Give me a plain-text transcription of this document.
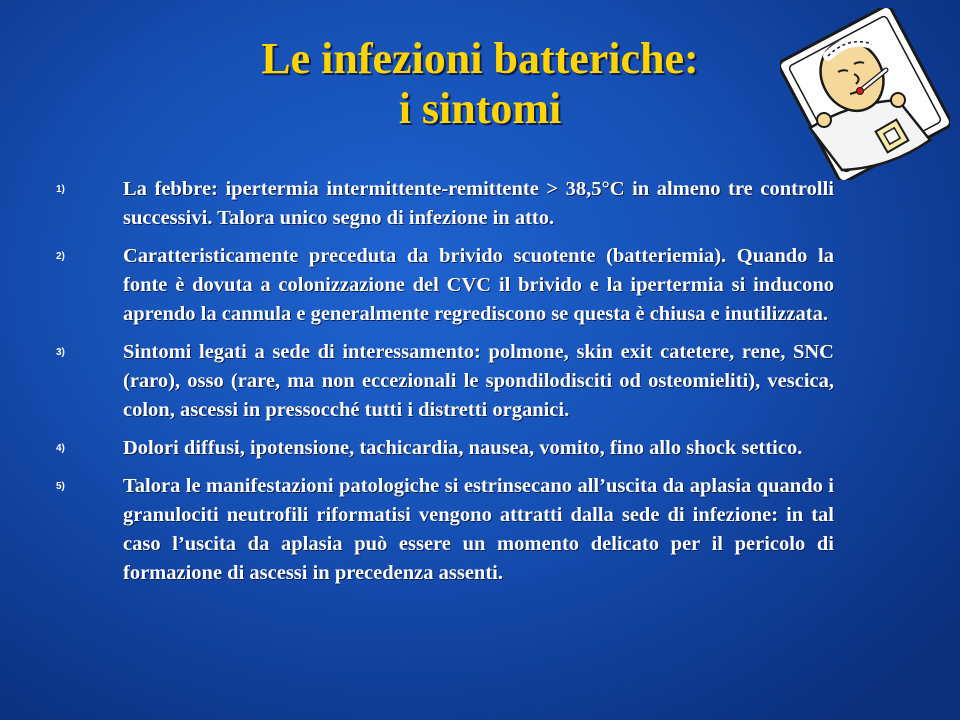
Le infezioni batteriche:
i sintomi
1)	La febbre: ipertermia intermittente-remittente > 38,5°C in almeno tre controlli successivi. Talora unico segno di infezione in atto.
2)	Caratteristicamente preceduta da brivido scuotente (batteriemia). Quando la fonte è dovuta a colonizzazione del CVC il brivido e la ipertermia si inducono aprendo la cannula e generalmente regrediscono se questa è chiusa e inutilizzata.
3)	Sintomi legati a sede di interessamento: polmone, skin exit catetere, rene, SNC (raro), osso (rare, ma non eccezionali le spondilodisciti od osteomieliti), vescica, colon, ascessi in pressocché tutti i distretti organici.
4)	Dolori diffusi, ipotensione, tachicardia, nausea, vomito, fino allo shock settico.
5)	Talora le manifestazioni patologiche si estrinsecano all’uscita da aplasia quando i granulociti neutrofili riformatisi vengono attratti dalla sede di infezione: in tal caso l’uscita da aplasia può essere un momento delicato per il pericolo di formazione di ascessi in precedenza assenti.
